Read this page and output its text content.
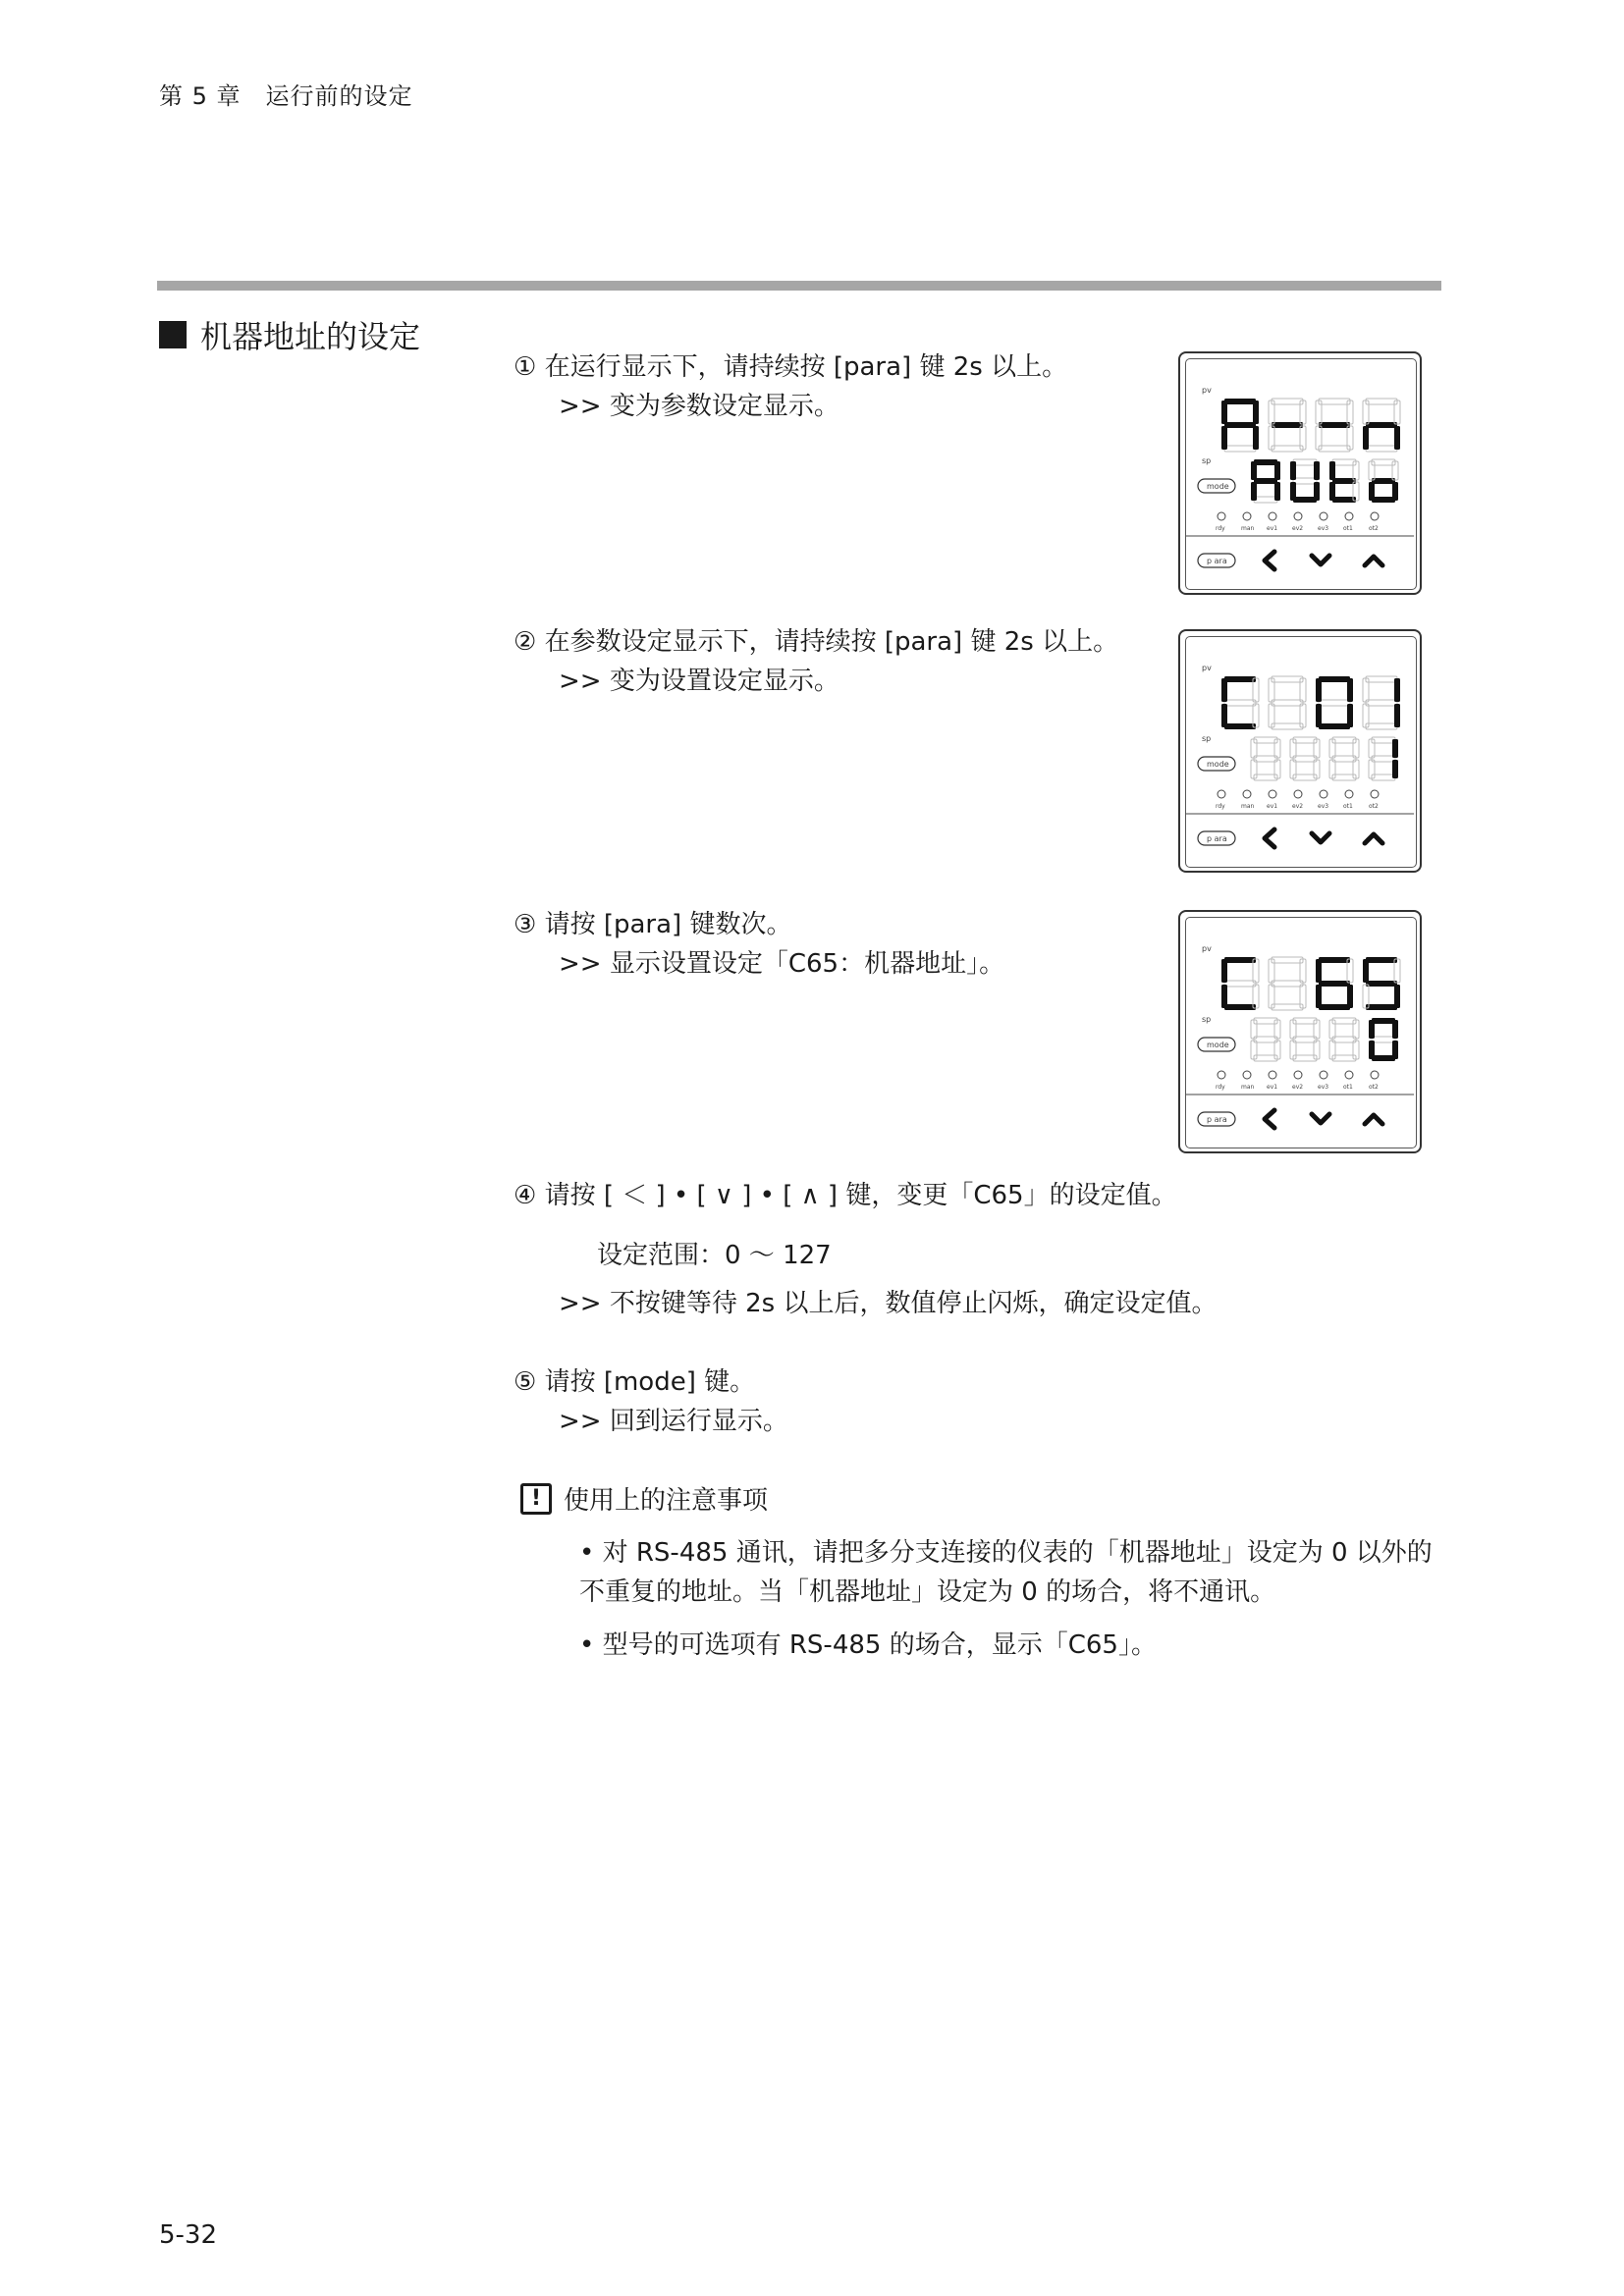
第 5 章　运行前的设定
机器地址的设定
① 在运行显示下，请持续按 [para] 键 2s 以上。
>> 变为参数设定显示。
② 在参数设定显示下，请持续按 [para] 键 2s 以上。
>> 变为设置设定显示。
③ 请按 [para] 键数次。
>> 显示设置设定「C65：机器地址」。
④ 请按 [ ＜ ] • [ ∨ ] • [ ∧ ] 键，变更「C65」的设定值。
设定范围：0 ～ 127
>> 不按键等待 2s 以上后，数值停止闪烁，确定设定值。
⑤ 请按 [mode] 键。
>> 回到运行显示。
! 使用上的注意事项
• 对 RS-485 通讯，请把多分支连接的仪表的「机器地址」设定为 0 以外的不重复的地址。当「机器地址」设定为 0 的场合，将不通讯。
• 型号的可选项有 RS-485 的场合，显示「C65」。
pv
sp
mode
rdy	man ev1 ev2 ev3 ot1	ot2
p ara
pv
sp
mode
rdy	man ev1 ev2 ev3 ot1	ot2
p ara
pv
sp
mode
rdy	man ev1 ev2 ev3 ot1	ot2
p ara
5-32
